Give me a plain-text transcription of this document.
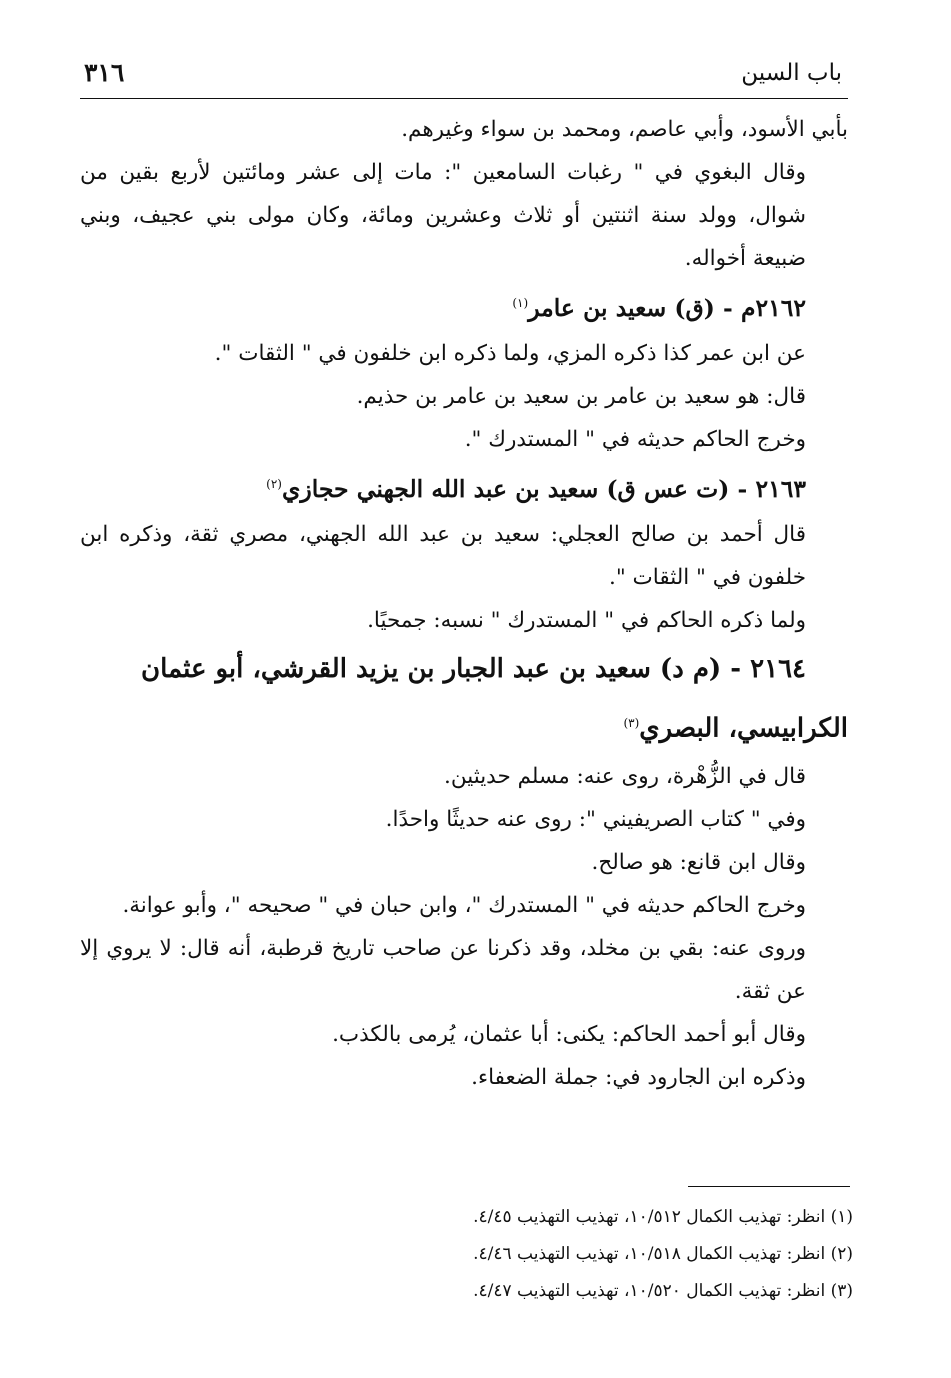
باب السين
٣١٦

بأبي الأسود، وأبي عاصم، ومحمد بن سواء وغيرهم.

وقال البغوي في " رغبات السامعين ": مات إلى عشر ومائتين لأربع بقين من شوال، وولد سنة اثنتين أو ثلاث وعشرين ومائة، وكان مولى بني عجيف، وبني ضبيعة أخواله.

٢١٦٢م - (ق) سعيد بن عامر$^{(١)}$

عن ابن عمر كذا ذكره المزي، ولما ذكره ابن خلفون في " الثقات ".

قال: هو سعيد بن عامر بن سعيد بن عامر بن حذيم.

وخرج الحاكم حديثه في " المستدرك ".

٢١٦٣ - (ت عس ق) سعيد بن عبد الله الجهني حجازي$^{(٢)}$

قال أحمد بن صالح العجلي: سعيد بن عبد الله الجهني، مصري ثقة، وذكره ابن خلفون في " الثقات ".

ولما ذكره الحاكم في " المستدرك " نسبه: جمحيًا.

٢١٦٤ - (م د) سعيد بن عبد الجبار بن يزيد القرشي، أبو عثمان
الكرابيسي، البصري$^{(٣)}$

قال في الزُّهْرة، روى عنه: مسلم حديثين.

وفي " كتاب الصريفيني ": روى عنه حديثًا واحدًا.

وقال ابن قانع: هو صالح.

وخرج الحاكم حديثه في " المستدرك "، وابن حبان في " صحيحه "، وأبو عوانة.

وروى عنه: بقي بن مخلد، وقد ذكرنا عن صاحب تاريخ قرطبة، أنه قال: لا يروي إلا عن ثقة.

وقال أبو أحمد الحاكم: يكنى: أبا عثمان، يُرمى بالكذب.

وذكره ابن الجارود في: جملة الضعفاء.

(١) انظر: تهذيب الكمال ١٠/٥١٢، تهذيب التهذيب ٤/٤٥.

(٢) انظر: تهذيب الكمال ١٠/٥١٨، تهذيب التهذيب ٤/٤٦.

(٣) انظر: تهذيب الكمال ١٠/٥٢٠، تهذيب التهذيب ٤/٤٧.
